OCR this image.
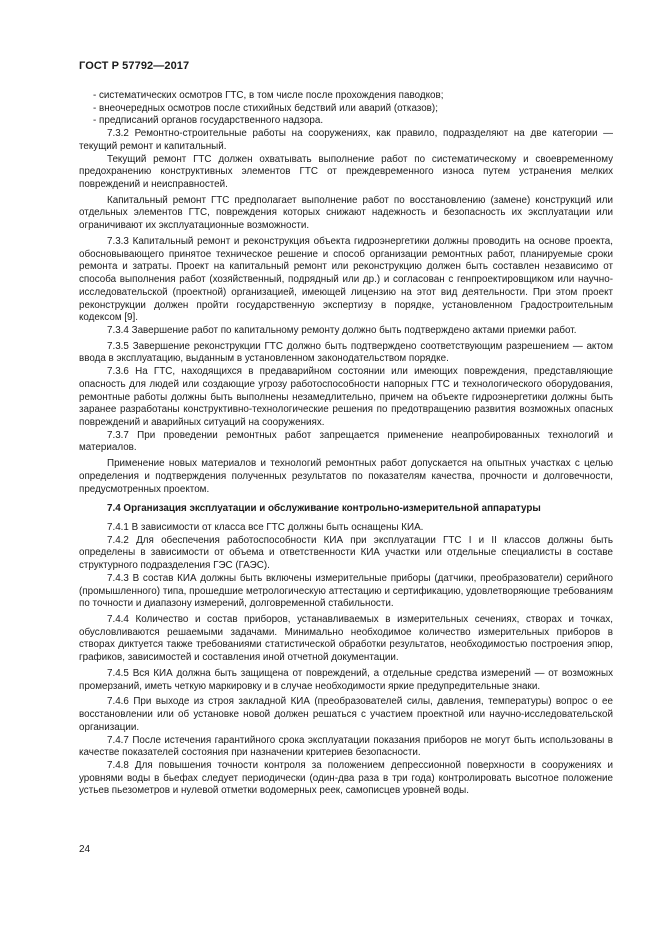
ГОСТ Р 57792—2017

- систематических осмотров ГТС, в том числе после прохождения паводков;

- внеочередных осмотров после стихийных бедствий или аварий (отказов);

- предписаний органов государственного надзора.

7.3.2 Ремонтно-строительные работы на сооружениях, как правило, подразделяют на две категории — текущий ремонт и капитальный.

Текущий ремонт ГТС должен охватывать выполнение работ по систематическому и своевременному предохранению конструктивных элементов ГТС от преждевременного износа путем устранения мелких повреждений и неисправностей.

Капитальный ремонт ГТС предполагает выполнение работ по восстановлению (замене) конструкций или отдельных элементов ГТС, повреждения которых снижают надежность и безопасность их эксплуатации или ограничивают их эксплуатационные возможности.

7.3.3 Капитальный ремонт и реконструкция объекта гидроэнергетики должны проводить на основе проекта, обосновывающего принятое техническое решение и способ организации ремонтных работ, планируемые сроки ремонта и затраты. Проект на капитальный ремонт или реконструкцию должен быть составлен независимо от способа выполнения работ (хозяйственный, подрядный или др.) и согласован с генпроектировщиком или научно-исследовательской (проектной) организацией, имеющей лицензию на этот вид деятельности. При этом проект реконструкции должен пройти государственную экспертизу в порядке, установленном Градостроительным кодексом [9].

7.3.4 Завершение работ по капитальному ремонту должно быть подтверждено актами приемки работ.

7.3.5 Завершение реконструкции ГТС должно быть подтверждено соответствующим разрешением — актом ввода в эксплуатацию, выданным в установленном законодательством порядке.

7.3.6 На ГТС, находящихся в предаварийном состоянии или имеющих повреждения, представляющие опасность для людей или создающие угрозу работоспособности напорных ГТС и технологического оборудования, ремонтные работы должны быть выполнены незамедлительно, причем на объекте гидроэнергетики должны быть заранее разработаны конструктивно-технологические решения по предотвращению развития возможных опасных повреждений и аварийных ситуаций на сооружениях.

7.3.7 При проведении ремонтных работ запрещается применение неапробированных технологий и материалов.

Применение новых материалов и технологий ремонтных работ допускается на опытных участках с целью определения и подтверждения полученных результатов по показателям качества, прочности и долговечности, предусмотренных проектом.

7.4 Организация эксплуатации и обслуживание контрольно-измерительной аппаратуры

7.4.1 В зависимости от класса все ГТС должны быть оснащены КИА.

7.4.2 Для обеспечения работоспособности КИА при эксплуатации ГТС I и II классов должны быть определены в зависимости от объема и ответственности КИА участки или отдельные специалисты в составе структурного подразделения ГЭС (ГАЭС).

7.4.3 В состав КИА должны быть включены измерительные приборы (датчики, преобразователи) серийного (промышленного) типа, прошедшие метрологическую аттестацию и сертификацию, удовлетворяющие требованиям по точности и диапазону измерений, долговременной стабильности.

7.4.4 Количество и состав приборов, устанавливаемых в измерительных сечениях, створах и точках, обусловливаются решаемыми задачами. Минимально необходимое количество измерительных приборов в створах диктуется также требованиями статистической обработки результатов, необходимостью построения эпюр, графиков, зависимостей и составления иной отчетной документации.

7.4.5 Вся КИА должна быть защищена от повреждений, а отдельные средства измерений — от возможных промерзаний, иметь четкую маркировку и в случае необходимости яркие предупредительные знаки.

7.4.6 При выходе из строя закладной КИА (преобразователей силы, давления, температуры) вопрос о ее восстановлении или об установке новой должен решаться с участием проектной или научно-исследовательской организации.

7.4.7 После истечения гарантийного срока эксплуатации показания приборов не могут быть использованы в качестве показателей состояния при назначении критериев безопасности.

7.4.8 Для повышения точности контроля за положением депрессионной поверхности в сооружениях и уровнями воды в бьефах следует периодически (один-два раза в три года) контролировать высотное положение устьев пьезометров и нулевой отметки водомерных реек, самописцев уровней воды.

24
